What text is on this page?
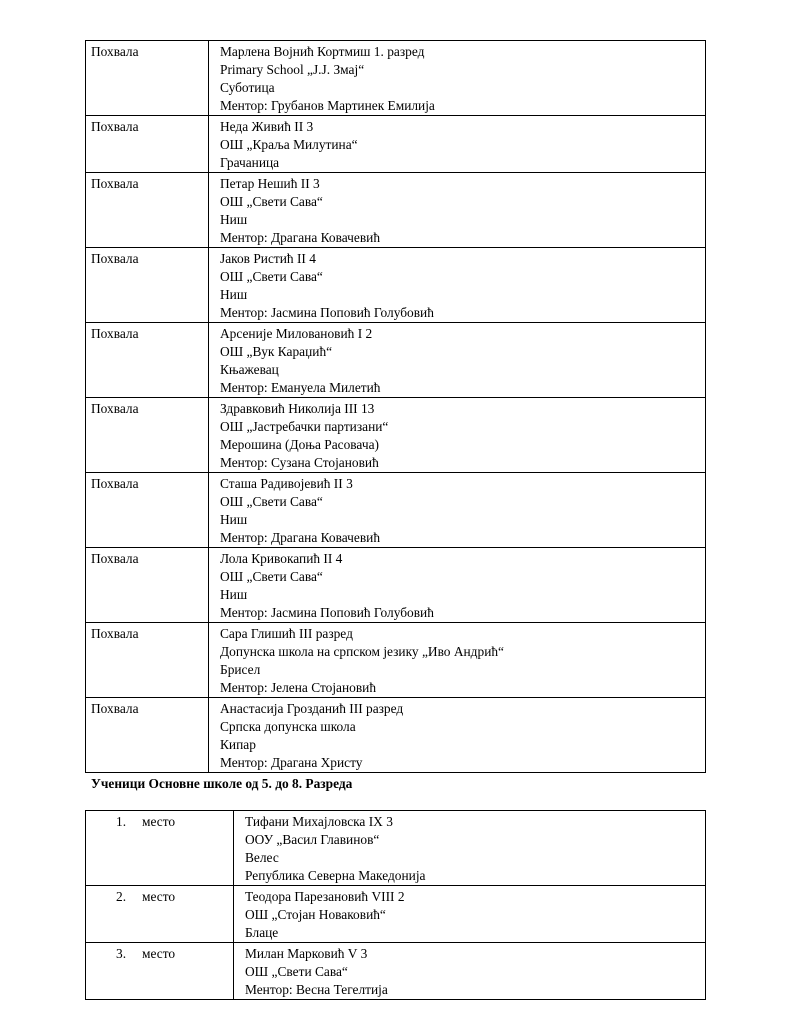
Похвала	Марлена Војнић Кортмиш 1. разред
Primary School „J.J. Змај“
Суботица
Ментор: Грубанов Мартинек Емилија

Похвала	Неда Живић II 3
ОШ „Краља Милутина“
Грачаница

Похвала	Петар Нешић II 3
ОШ „Свети Сава“
Ниш
Ментор: Драгана Ковачевић

Похвала	Јаков Ристић II 4
ОШ „Свети Сава“
Ниш
Ментор: Јасмина Поповић Голубовић

Похвала	Арсеније Миловановић I 2
ОШ „Вук Караџић“
Књажевац
Ментор: Емануела Милетић

Похвала	Здравковић Николија III 13
ОШ „Јастребачки партизани“
Мерошина (Доња Расовача)
Ментор: Сузана Стојановић

Похвала	Сташа Радивојевић II 3
ОШ „Свети Сава“
Ниш
Ментор: Драгана Ковачевић

Похвала	Лола Кривокапић II 4
ОШ „Свети Сава“
Ниш
Ментор: Јасмина Поповић Голубовић

Похвала	Сара Глишић III разред
Допунска школа на српском језику „Иво Андрић“
Брисел
Ментор: Јелена Стојановић

Похвала	Анастасија Грозданић III разред
Српска допунска школа
Кипар
Ментор: Драгана Христу
Ученици Основне школе од 5. до 8. Разреда
1. место	Тифани Михајловска IX 3
ООУ „Васил Главинов“
Велес
Република Северна Македонија

2. место	Теодора Парезановић VIII 2
ОШ „Стојан Новаковић“
Блаце

3. место	Милан Марковић V 3
ОШ „Свети Сава“
Ментор: Весна Тегелтија
